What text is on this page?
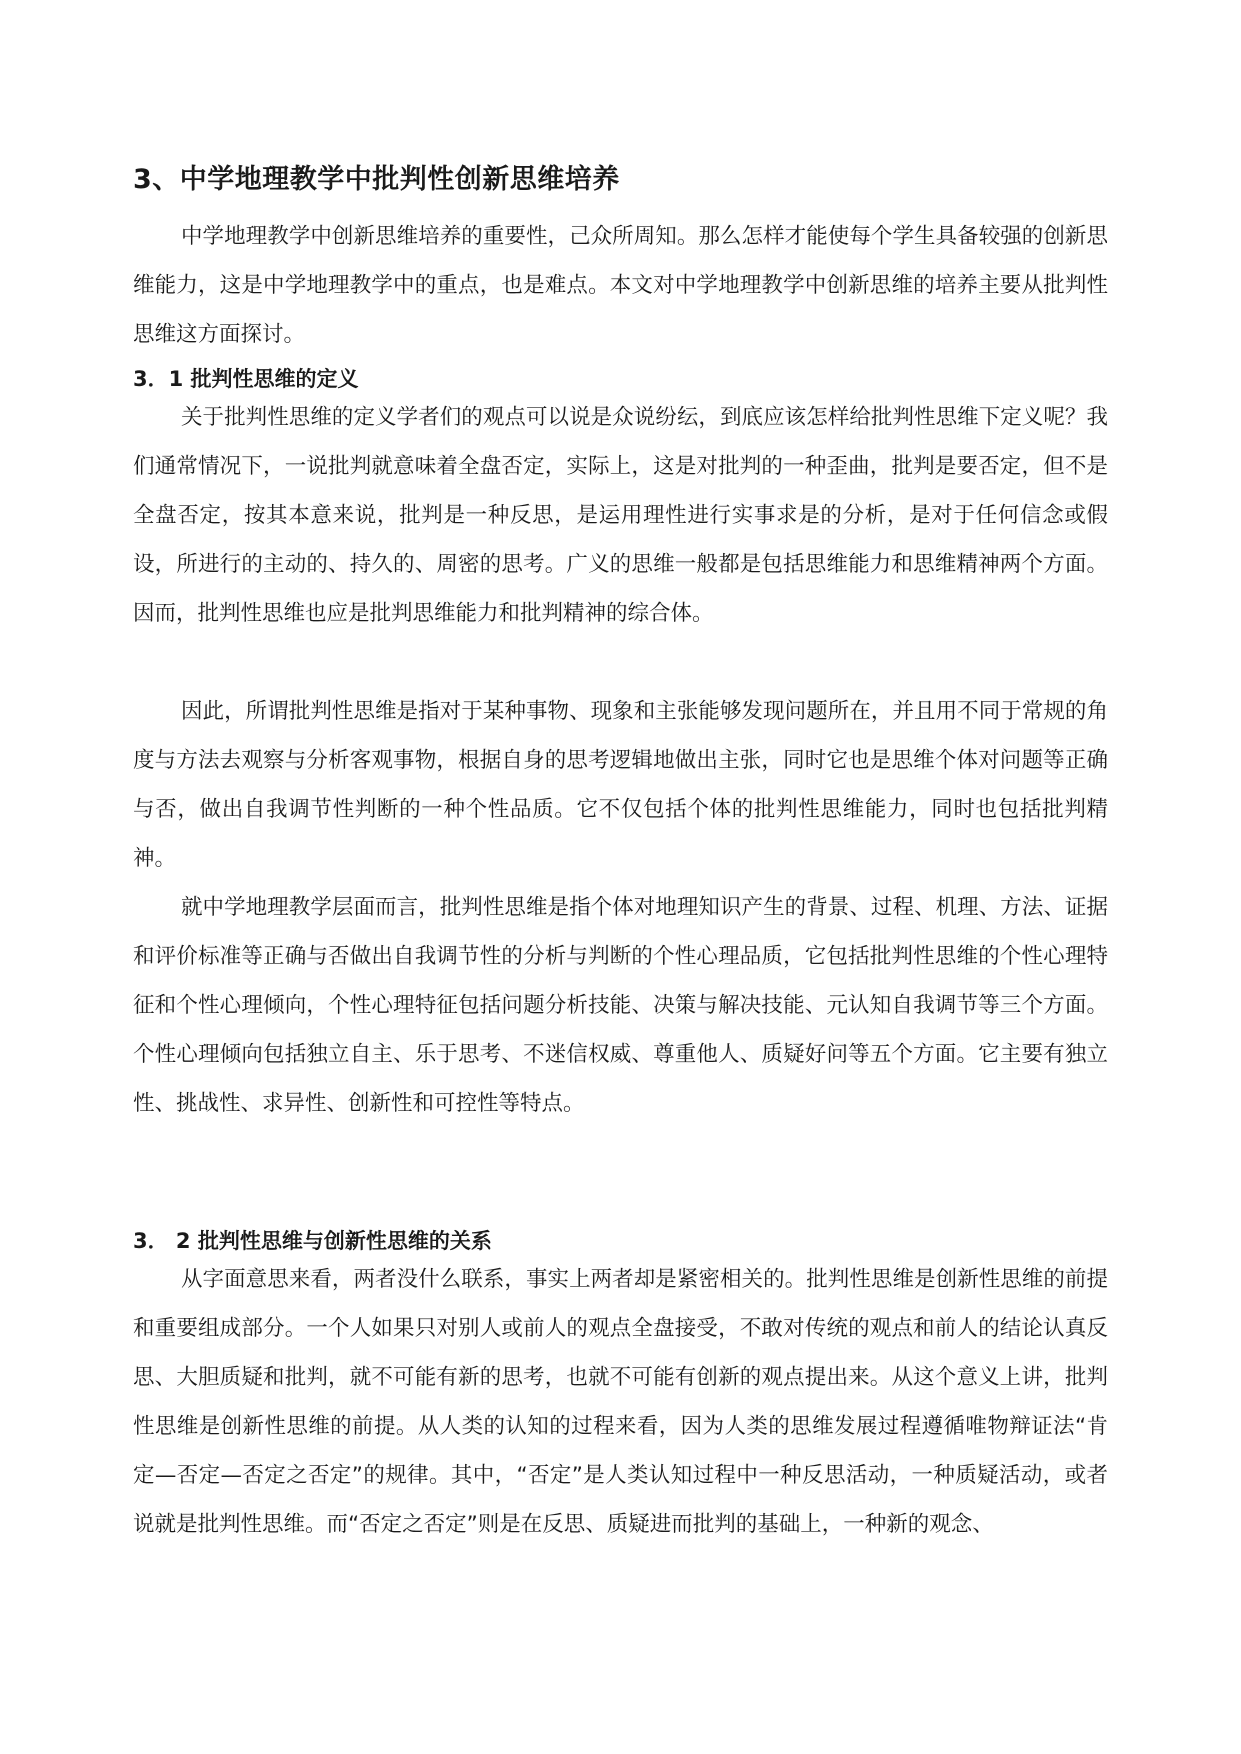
3、中学地理教学中批判性创新思维培养

中学地理教学中创新思维培养的重要性，己众所周知。那么怎样才能使每个学生具备较强的创新思维能力，这是中学地理教学中的重点，也是难点。本文对中学地理教学中创新思维的培养主要从批判性思维这方面探讨。

3．1 批判性思维的定义

关于批判性思维的定义学者们的观点可以说是众说纷纭，到底应该怎样给批判性思维下定义呢？我们通常情况下，一说批判就意味着全盘否定，实际上，这是对批判的一种歪曲，批判是要否定，但不是全盘否定，按其本意来说，批判是一种反思，是运用理性进行实事求是的分析，是对于任何信念或假设，所进行的主动的、持久的、周密的思考。广义的思维一般都是包括思维能力和思维精神两个方面。因而，批判性思维也应是批判思维能力和批判精神的综合体。

因此，所谓批判性思维是指对于某种事物、现象和主张能够发现问题所在，并且用不同于常规的角度与方法去观察与分析客观事物，根据自身的思考逻辑地做出主张，同时它也是思维个体对问题等正确与否，做出自我调节性判断的一种个性品质。它不仅包括个体的批判性思维能力，同时也包括批判精神。

就中学地理教学层面而言，批判性思维是指个体对地理知识产生的背景、过程、机理、方法、证据和评价标准等正确与否做出自我调节性的分析与判断的个性心理品质，它包括批判性思维的个性心理特征和个性心理倾向，个性心理特征包括问题分析技能、决策与解决技能、元认知自我调节等三个方面。个性心理倾向包括独立自主、乐于思考、不迷信权威、尊重他人、质疑好问等五个方面。它主要有独立性、挑战性、求异性、创新性和可控性等特点。

3． 2 批判性思维与创新性思维的关系

从字面意思来看，两者没什么联系，事实上两者却是紧密相关的。批判性思维是创新性思维的前提和重要组成部分。一个人如果只对别人或前人的观点全盘接受，不敢对传统的观点和前人的结论认真反思、大胆质疑和批判，就不可能有新的思考，也就不可能有创新的观点提出来。从这个意义上讲，批判性思维是创新性思维的前提。从人类的认知的过程来看，因为人类的思维发展过程遵循唯物辩证法“肯定—否定—否定之否定”的规律。其中，“否定”是人类认知过程中一种反思活动，一种质疑活动，或者说就是批判性思维。而“否定之否定”则是在反思、质疑进而批判的基础上，一种新的观念、
